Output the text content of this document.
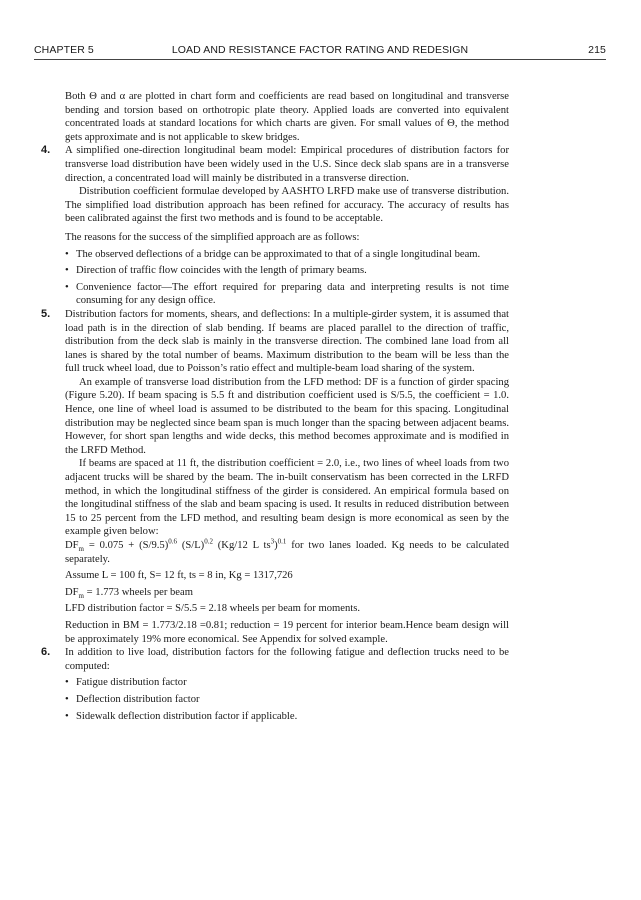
CHAPTER 5	LOAD AND RESISTANCE FACTOR RATING AND REDESIGN	215

Both Θ and α are plotted in chart form and coefficients are read based on longitudinal and transverse bending and torsion based on orthotropic plate theory. Applied loads are converted into equivalent concentrated loads at standard locations for which charts are given. For small values of Θ, the method gets approximate and is not applicable to skew bridges.

4.	A simplified one-direction longitudinal beam model: Empirical procedures of distribution factors for transverse load distribution have been widely used in the U.S. Since deck slab spans are in a transverse direction, a concentrated load will mainly be distributed in a transverse direction.

Distribution coefficient formulae developed by AASHTO LRFD make use of transverse distribution. The simplified load distribution approach has been refined for accuracy. The accuracy of results has been calibrated against the first two methods and is found to be acceptable.

The reasons for the success of the simplified approach are as follows:

• The observed deflections of a bridge can be approximated to that of a single longitudinal beam.

• Direction of traffic flow coincides with the length of primary beams.

• Convenience factor—The effort required for preparing data and interpreting results is not time consuming for any design office.

5.	Distribution factors for moments, shears, and deflections: In a multiple-girder system, it is assumed that load path is in the direction of slab bending. If beams are placed parallel to the direction of traffic, distribution from the deck slab is mainly in the transverse direction. The combined lane load from all lanes is shared by the total number of beams. Maximum distribution to the beam will be less than the full truck wheel load, due to Poisson’s ratio effect and multiple-beam load sharing of the system.

An example of transverse load distribution from the LFD method: DF is a function of girder spacing (Figure 5.20). If beam spacing is 5.5 ft and distribution coefficient used is S/5.5, the coefficient = 1.0. Hence, one line of wheel load is assumed to be distributed to the beam for this spacing. Longitudinal distribution may be neglected since beam span is much longer than the spacing between adjacent beams. However, for short span lengths and wide decks, this method becomes approximate and is modified in the LRFD Method.

If beams are spaced at 11 ft, the distribution coefficient = 2.0, i.e., two lines of wheel loads from two adjacent trucks will be shared by the beam. The in-built conservatism has been corrected in the LRFD method, in which the longitudinal stiffness of the girder is considered. An empirical formula based on the longitudinal stiffness of the slab and beam spacing is used. It results in reduced distribution between 15 to 25 percent from the LFD method, and resulting beam design is more economical as seen by the example given below:

$DF_m = 0.075 + (S/9.5)^{0.6}$ $(S/L)^{0.2}$ (Kg/12 L $ts^3)^{0.1}$ for two lanes loaded. Kg needs to be calculated separately.

Assume L = 100 ft, S= 12 ft, ts = 8 in, Kg = 1317,726

$DF_m = 1.773$ wheels per beam

LFD distribution factor = S/5.5 = 2.18 wheels per beam for moments.

Reduction in BM = 1.773/2.18 =0.81; reduction = 19 percent for interior beam.Hence beam design will be approximately 19% more economical. See Appendix for solved example.

6.	In addition to live load, distribution factors for the following fatigue and deflection trucks need to be computed:

• Fatigue distribution factor

• Deflection distribution factor

• Sidewalk deflection distribution factor if applicable.
